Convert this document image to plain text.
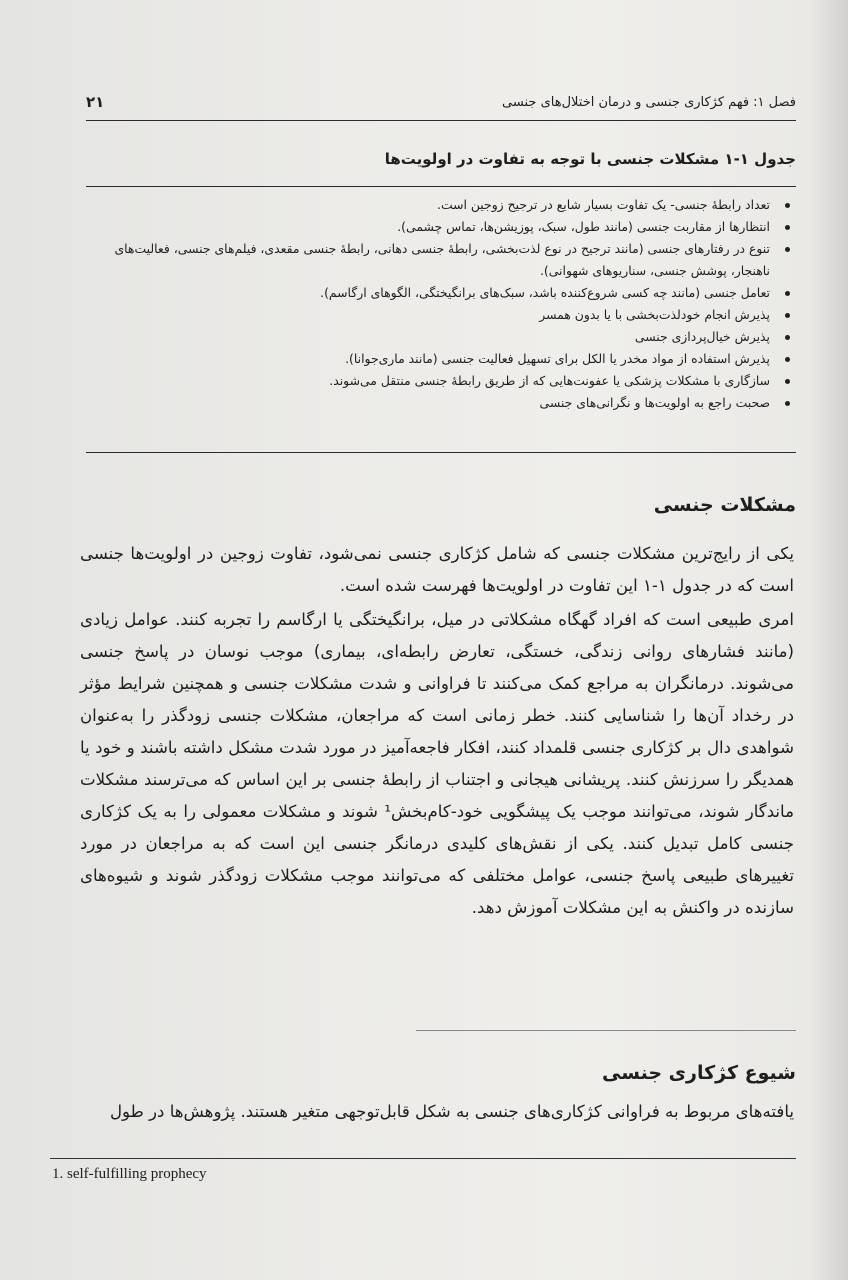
فصل ۱: فهم کژکاری جنسی و درمان اختلال‌های جنسی
۲۱
جدول ۱-۱ مشکلات جنسی با توجه به تفاوت در اولویت‌ها
تعداد رابطهٔ جنسی- یک تفاوت بسیار شایع در ترجیح زوجین است.
انتظارها از مقاربت جنسی (مانند طول، سبک، پوزیشن‌ها، تماس چشمی).
تنوع در رفتارهای جنسی (مانند ترجیح در نوع لذت‌بخشی، رابطهٔ جنسی دهانی، رابطهٔ جنسی مقعدی، فیلم‌های جنسی، فعالیت‌های ناهنجار، پوشش جنسی، سناریوهای شهوانی).
تعامل جنسی (مانند چه کسی شروع‌کننده باشد، سبک‌های برانگیختگی، الگوهای ارگاسم).
پذیرش انجام خودلذت‌بخشی با یا بدون همسر
پذیرش خیال‌پردازی جنسی
پذیرش استفاده از مواد مخدر یا الکل برای تسهیل فعالیت جنسی (مانند ماری‌جوانا).
سازگاری با مشکلات پزشکی یا عفونت‌هایی که از طریق رابطهٔ جنسی منتقل می‌شوند.
صحبت راجع به اولویت‌ها و نگرانی‌های جنسی
مشکلات جنسی
یکی از رایج‌ترین مشکلات جنسی که شامل کژکاری جنسی نمی‌شود، تفاوت زوجین در اولویت‌ها جنسی است که در جدول ۱-۱ این تفاوت در اولویت‌ها فهرست شده است.
امری طبیعی است که افراد گهگاه مشکلاتی در میل، برانگیختگی یا ارگاسم را تجربه کنند. عوامل زیادی (مانند فشارهای روانی زندگی، خستگی، تعارض رابطه‌ای، بیماری) موجب نوسان در پاسخ جنسی می‌شوند. درمانگران به مراجع کمک می‌کنند تا فراوانی و شدت مشکلات جنسی و همچنین شرایط مؤثر در رخداد آن‌ها را شناسایی کنند. خطر زمانی است که مراجعان، مشکلات جنسی زودگذر را به‌عنوان شواهدی دال بر کژکاری جنسی قلمداد کنند، افکار فاجعه‌آمیز در مورد شدت مشکل داشته باشند و خود یا همدیگر را سرزنش کنند. پریشانی هیجانی و اجتناب از رابطهٔ جنسی بر این اساس که می‌ترسند مشکلات ماندگار شوند، می‌توانند موجب یک پیشگویی خود-کام‌بخش¹ شوند و مشکلات معمولی را به یک کژکاری جنسی کامل تبدیل کنند. یکی از نقش‌های کلیدی درمانگر جنسی این است که به مراجعان در مورد تغییرهای طبیعی پاسخ جنسی، عوامل مختلفی که می‌توانند موجب مشکلات زودگذر شوند و شیوه‌های سازنده در واکنش به این مشکلات آموزش دهد.
شیوع کژکاری جنسی
یافته‌های مربوط به فراوانی کژکاری‌های جنسی به شکل قابل‌توجهی متغیر هستند. پژوهش‌ها در طول
1. self-fulfilling prophecy
